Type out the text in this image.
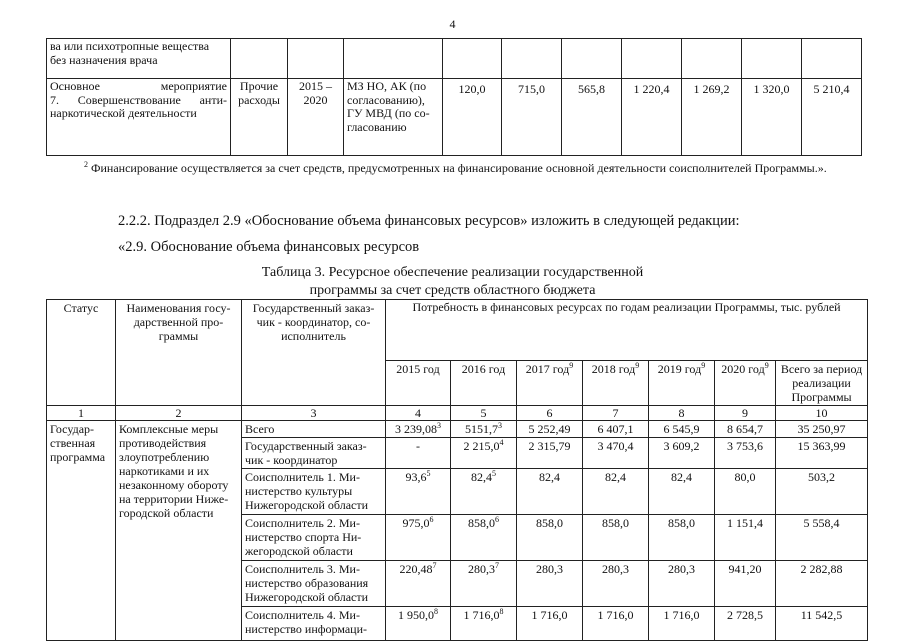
4
ва или психотропные вещества
без назначения врача										

Основное мероприятие
7. Совершенствование анти-
наркотической деятельности	Прочие расходы	2015 – 2020	МЗ НО, АК (по согласованию), ГУ МВД (по со-гласованию	120,0	715,0	565,8	1 220,4	1 269,2	1 320,0	5 210,4
$^2$ Финансирование осуществляется за счет средств, предусмотренных на финансирование основной деятельности соисполнителей Программы.».
2.2.2. Подраздел 2.9 «Обоснование объема финансовых ресурсов» изложить в следующей редакции:
«2.9. Обоснование объема финансовых ресурсов
Таблица 3. Ресурсное обеспечение реализации государственной
программы за счет средств областного бюджета
Статус	Наименования госу-дарственной про-граммы	Государственный заказ-чик - координатор, со-исполнитель	Потребность в финансовых ресурсах по годам реализации Программы, тыс. рублей						
			2015 год	2016 год	2017 год$^9$	2018 год$^9$	2019 год$^9$	2020 год$^9$	Всего за период реализации Программы
1	2	3	4	5	6	7	8	9	10
Государ-ственная программа	Комплексные меры противодействия злоупотреблению наркотиками и их незаконному обороту на территории Ниже-городской области	Всего	3 239,08$^3$	5151,7$^3$	5 252,49	6 407,1	6 545,9	8 654,7	35 250,97
		Государственный заказ-чик - координатор	-	2 215,0$^4$	2 315,79	3 470,4	3 609,2	3 753,6	15 363,99
		Соисполнитель 1. Ми-нистерство культуры Нижегородской области	93,6$^5$	82,4$^5$	82,4	82,4	82,4	80,0	503,2
		Соисполнитель 2. Ми-нистерство спорта Ни-жегородской области	975,0$^6$	858,0$^6$	858,0	858,0	858,0	1 151,4	5 558,4
		Соисполнитель 3. Ми-нистерство образования Нижегородской области	220,48$^7$	280,3$^7$	280,3	280,3	280,3	941,20	2 282,88
		Соисполнитель 4. Ми-нистерство информаци-	1 950,0$^8$	1 716,0$^8$	1 716,0	1 716,0	1 716,0	2 728,5	11 542,5
